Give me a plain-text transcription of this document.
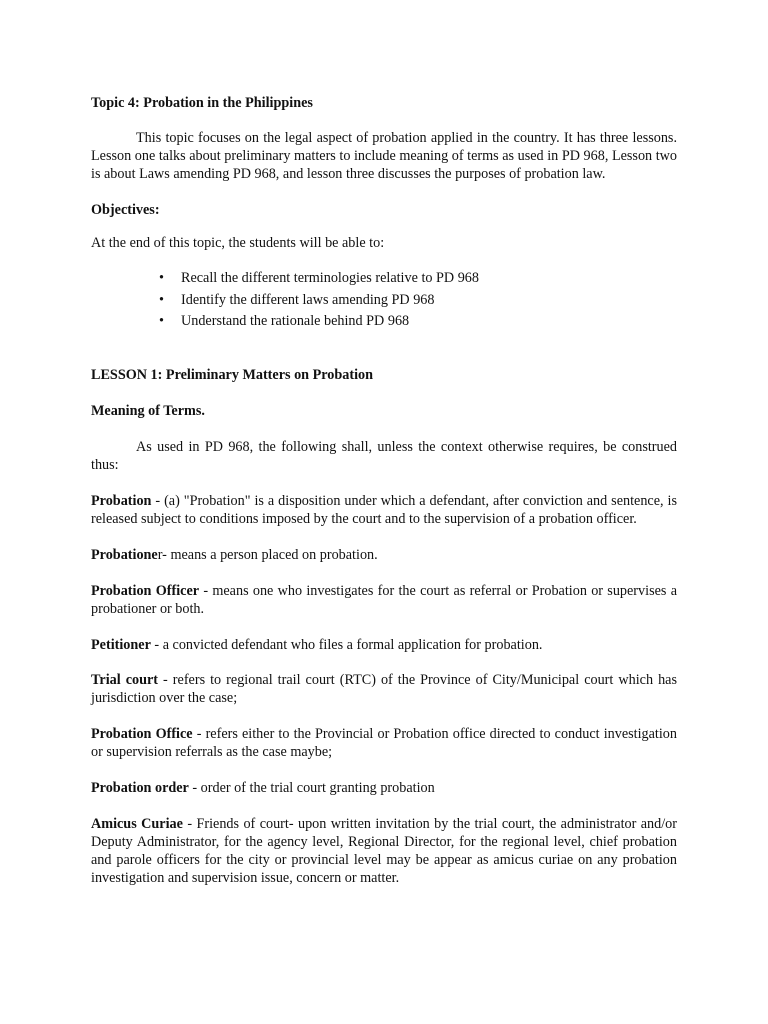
Topic 4: Probation in the Philippines

This topic focuses on the legal aspect of probation applied in the country. It has three lessons. Lesson one talks about preliminary matters to include meaning of terms as used in PD 968, Lesson two is about Laws amending PD 968, and lesson three discusses the purposes of probation law.

Objectives:

At the end of this topic, the students will be able to:

• Recall the different terminologies relative to PD 968
• Identify the different laws amending PD 968
• Understand the rationale behind PD 968

LESSON 1: Preliminary Matters on Probation

Meaning of Terms.

As used in PD 968, the following shall, unless the context otherwise requires, be construed thus:

Probation - (a) "Probation" is a disposition under which a defendant, after conviction and sentence, is released subject to conditions imposed by the court and to the supervision of a probation officer.

Probationer- means a person placed on probation.

Probation Officer - means one who investigates for the court as referral or Probation or supervises a probationer or both.

Petitioner - a convicted defendant who files a formal application for probation.

Trial court - refers to regional trail court (RTC) of the Province of City/Municipal court which has jurisdiction over the case;

Probation Office - refers either to the Provincial or Probation office directed to conduct investigation or supervision referrals as the case maybe;

Probation order - order of the trial court granting probation

Amicus Curiae - Friends of court- upon written invitation by the trial court, the administrator and/or Deputy Administrator, for the agency level, Regional Director, for the regional level, chief probation and parole officers for the city or provincial level may be appear as amicus curiae on any probation investigation and supervision issue, concern or matter.
